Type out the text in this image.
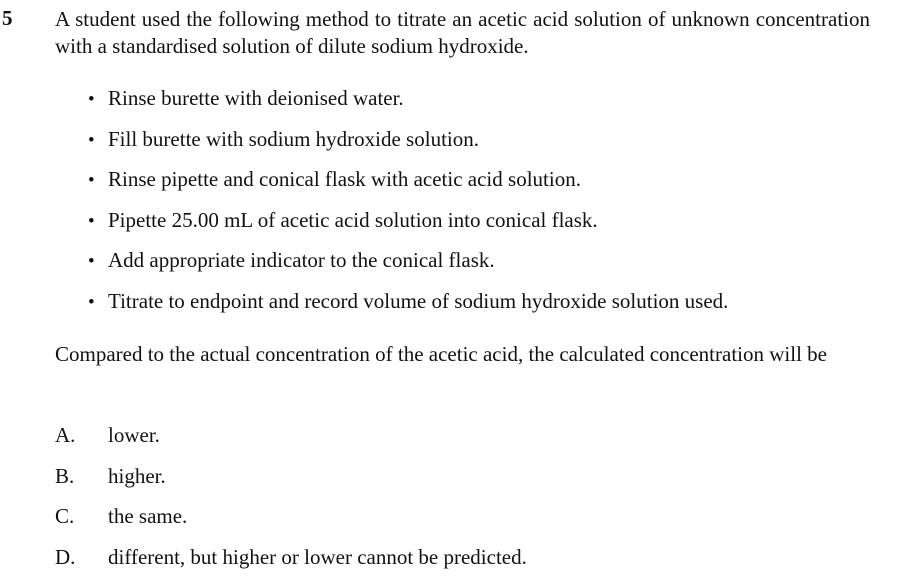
5 A student used the following method to titrate an acetic acid solution of unknown concentration with a standardised solution of dilute sodium hydroxide.
• Rinse burette with deionised water.
• Fill burette with sodium hydroxide solution.
• Rinse pipette and conical flask with acetic acid solution.
• Pipette 25.00 mL of acetic acid solution into conical flask.
• Add appropriate indicator to the conical flask.
• Titrate to endpoint and record volume of sodium hydroxide solution used.
Compared to the actual concentration of the acetic acid, the calculated concentration will be
A.	lower.
B.	higher.
C.	the same.
D.	different, but higher or lower cannot be predicted.
